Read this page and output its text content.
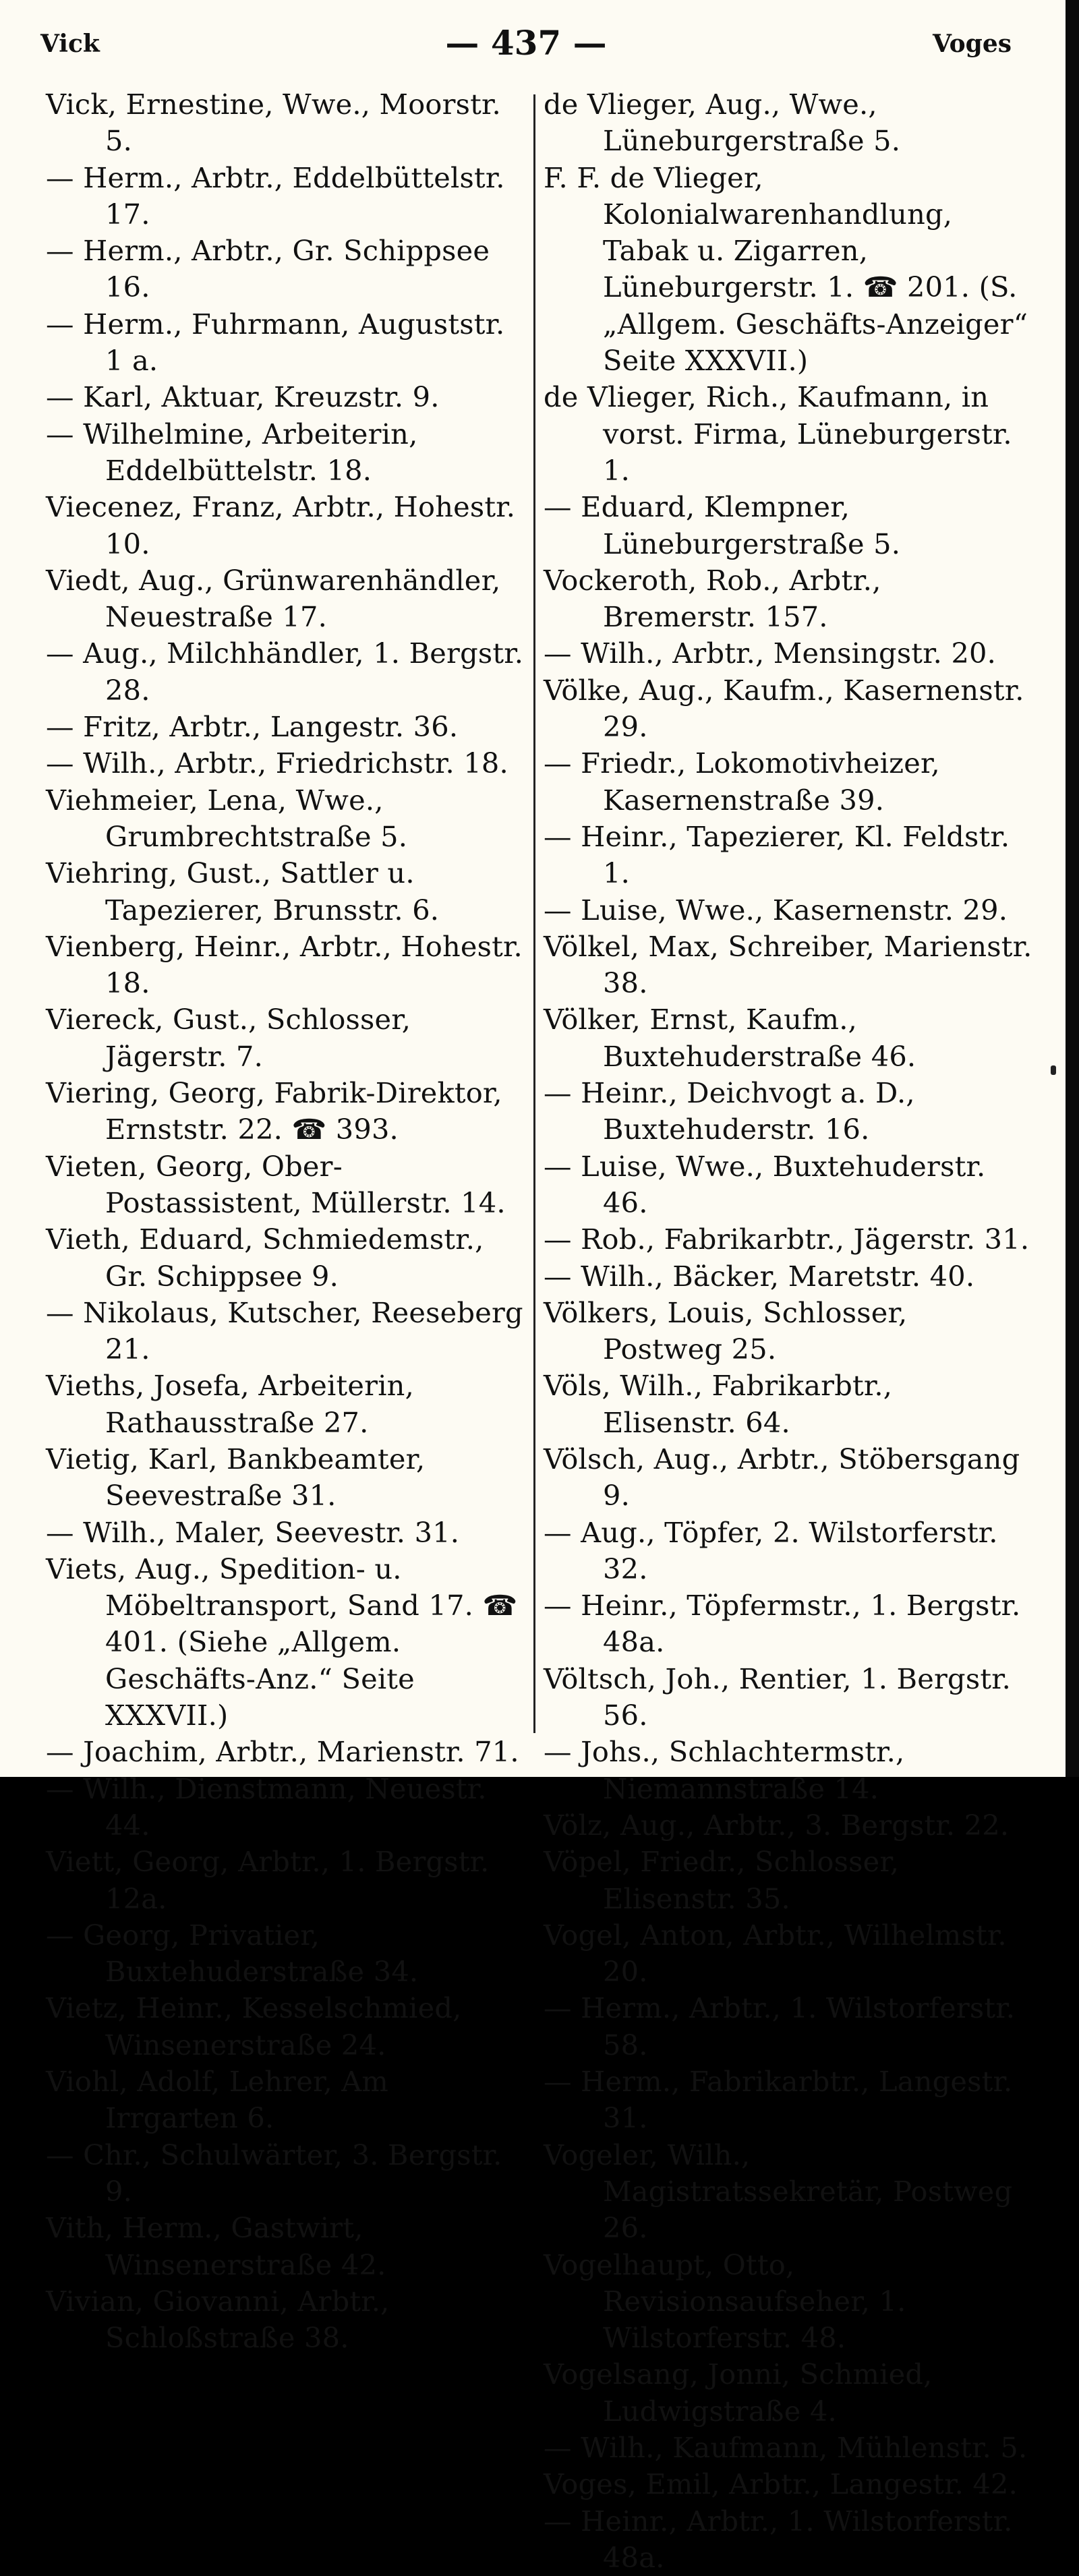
Vick	— 437 —	Voges

Vick, Ernestine, Wwe., Moorstr. 5.

— Herm., Arbtr., Eddelbüttelstr. 17.

— Herm., Arbtr., Gr. Schippsee 16.

— Herm., Fuhrmann, Auguststr. 1 a.

— Karl, Aktuar, Kreuzstr. 9.

— Wilhelmine, Arbeiterin, Eddelbüttelstr. 18.

Viecenez, Franz, Arbtr., Hohestr. 10.

Viedt, Aug., Grünwarenhändler, Neuestraße 17.

— Aug., Milchhändler, 1. Bergstr. 28.

— Fritz, Arbtr., Langestr. 36.

— Wilh., Arbtr., Friedrichstr. 18.

Viehmeier, Lena, Wwe., Grumbrechtstraße 5.

Viehring, Gust., Sattler u. Tapezierer, Brunsstr. 6.

Vienberg, Heinr., Arbtr., Hohestr. 18.

Viereck, Gust., Schlosser, Jägerstr. 7.

Viering, Georg, Fabrik-Direktor, Ernststr. 22. ☎ 393.

Vieten, Georg, Ober-Postassistent, Müllerstr. 14.

Vieth, Eduard, Schmiedemstr., Gr. Schippsee 9.

— Nikolaus, Kutscher, Reeseberg 21.

Vieths, Josefa, Arbeiterin, Rathausstraße 27.

Vietig, Karl, Bankbeamter, Seevestraße 31.

— Wilh., Maler, Seevestr. 31.

Viets, Aug., Spedition- u. Möbeltransport, Sand 17. ☎ 401. (Siehe „Allgem. Geschäfts-Anz.“ Seite XXXVII.)

— Joachim, Arbtr., Marienstr. 71.

— Wilh., Dienstmann, Neuestr. 44.

Viett, Georg, Arbtr., 1. Bergstr. 12a.

— Georg, Privatier, Buxtehuderstraße 34.

Vietz, Heinr., Kesselschmied, Winsenerstraße 24.

Viohl, Adolf, Lehrer, Am Irrgarten 6.

— Chr., Schulwärter, 3. Bergstr. 9.

Vith, Herm., Gastwirt, Winsenerstraße 42.

Vivian, Giovanni, Arbtr., Schloßstraße 38.

de Vlieger, Aug., Wwe., Lüneburgerstraße 5.

F. F. de Vlieger, Kolonialwarenhandlung, Tabak u. Zigarren, Lüneburgerstr. 1. ☎ 201. (S. „Allgem. Geschäfts-Anzeiger“ Seite XXXVII.)

de Vlieger, Rich., Kaufmann, in vorst. Firma, Lüneburgerstr. 1.

— Eduard, Klempner, Lüneburgerstraße 5.

Vockeroth, Rob., Arbtr., Bremerstr. 157.

— Wilh., Arbtr., Mensingstr. 20.

Völke, Aug., Kaufm., Kasernenstr. 29.

— Friedr., Lokomotivheizer, Kasernenstraße 39.

— Heinr., Tapezierer, Kl. Feldstr. 1.

— Luise, Wwe., Kasernenstr. 29.

Völkel, Max, Schreiber, Marienstr. 38.

Völker, Ernst, Kaufm., Buxtehuderstraße 46.

— Heinr., Deichvogt a. D., Buxtehuderstr. 16.

— Luise, Wwe., Buxtehuderstr. 46.

— Rob., Fabrikarbtr., Jägerstr. 31.

— Wilh., Bäcker, Maretstr. 40.

Völkers, Louis, Schlosser, Postweg 25.

Völs, Wilh., Fabrikarbtr., Elisenstr. 64.

Völsch, Aug., Arbtr., Stöbersgang 9.

— Aug., Töpfer, 2. Wilstorferstr. 32.

— Heinr., Töpfermstr., 1. Bergstr. 48a.

Völtsch, Joh., Rentier, 1. Bergstr. 56.

— Johs., Schlachtermstr., Niemannstraße 14.

Völz, Aug., Arbtr., 3. Bergstr. 22.

Vöpel, Friedr., Schlosser, Elisenstr. 35.

Vogel, Anton, Arbtr., Wilhelmstr. 20.

— Herm., Arbtr., 1. Wilstorferstr. 58.

— Herm., Fabrikarbtr., Langestr. 31.

Vogeler, Wilh., Magistratssekretär, Postweg 26.

Vogelhaupt, Otto, Revisionsaufseher, 1. Wilstorferstr. 48.

Vogelsang, Jonni, Schmied, Ludwigstraße 4.

— Wilh., Kaufmann, Mühlenstr. 5.

Voges, Emil, Arbtr., Langestr. 42.

— Heinr., Arbtr., 1. Wilstorferstr. 48a.
